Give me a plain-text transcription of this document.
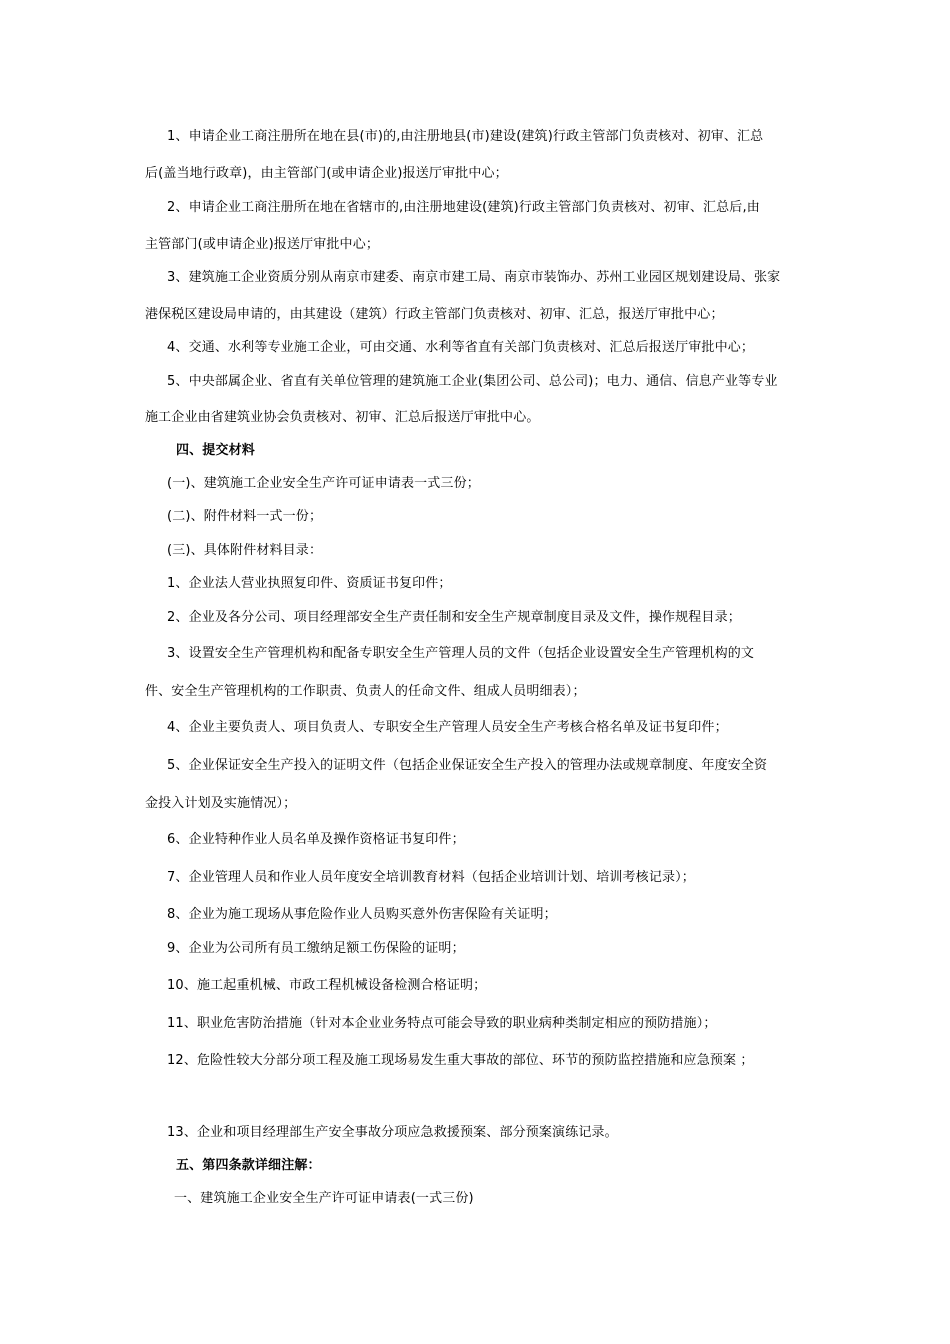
1、申请企业工商注册所在地在县(市)的,由注册地县(市)建设(建筑)行政主管部门负责核对、初审、汇总
后(盖当地行政章)，由主管部门(或申请企业)报送厅审批中心；
2、申请企业工商注册所在地在省辖市的,由注册地建设(建筑)行政主管部门负责核对、初审、汇总后,由
主管部门(或申请企业)报送厅审批中心；
3、建筑施工企业资质分别从南京市建委、南京市建工局、南京市装饰办、苏州工业园区规划建设局、张家
港保税区建设局申请的，由其建设（建筑）行政主管部门负责核对、初审、汇总，报送厅审批中心；
4、交通、水利等专业施工企业，可由交通、水利等省直有关部门负责核对、汇总后报送厅审批中心；
5、中央部属企业、省直有关单位管理的建筑施工企业(集团公司、总公司)；电力、通信、信息产业等专业
施工企业由省建筑业协会负责核对、初审、汇总后报送厅审批中心。
四、提交材料
(一)、建筑施工企业安全生产许可证申请表一式三份；
(二)、附件材料一式一份；
(三)、具体附件材料目录：
1、企业法人营业执照复印件、资质证书复印件；
2、企业及各分公司、项目经理部安全生产责任制和安全生产规章制度目录及文件，操作规程目录；
3、设置安全生产管理机构和配备专职安全生产管理人员的文件（包括企业设置安全生产管理机构的文
件、安全生产管理机构的工作职责、负责人的任命文件、组成人员明细表）；
4、企业主要负责人、项目负责人、专职安全生产管理人员安全生产考核合格名单及证书复印件；
5、企业保证安全生产投入的证明文件（包括企业保证安全生产投入的管理办法或规章制度、年度安全资
金投入计划及实施情况）；
6、企业特种作业人员名单及操作资格证书复印件；
7、企业管理人员和作业人员年度安全培训教育材料（包括企业培训计划、培训考核记录）；
8、企业为施工现场从事危险作业人员购买意外伤害保险有关证明；
9、企业为公司所有员工缴纳足额工伤保险的证明；
10、施工起重机械、市政工程机械设备检测合格证明；
11、职业危害防治措施（针对本企业业务特点可能会导致的职业病种类制定相应的预防措施）；
12、危险性较大分部分项工程及施工现场易发生重大事故的部位、环节的预防监控措施和应急预案 ；
13、企业和项目经理部生产安全事故分项应急救援预案、部分预案演练记录。
五、第四条款详细注解：
一、建筑施工企业安全生产许可证申请表(一式三份)
